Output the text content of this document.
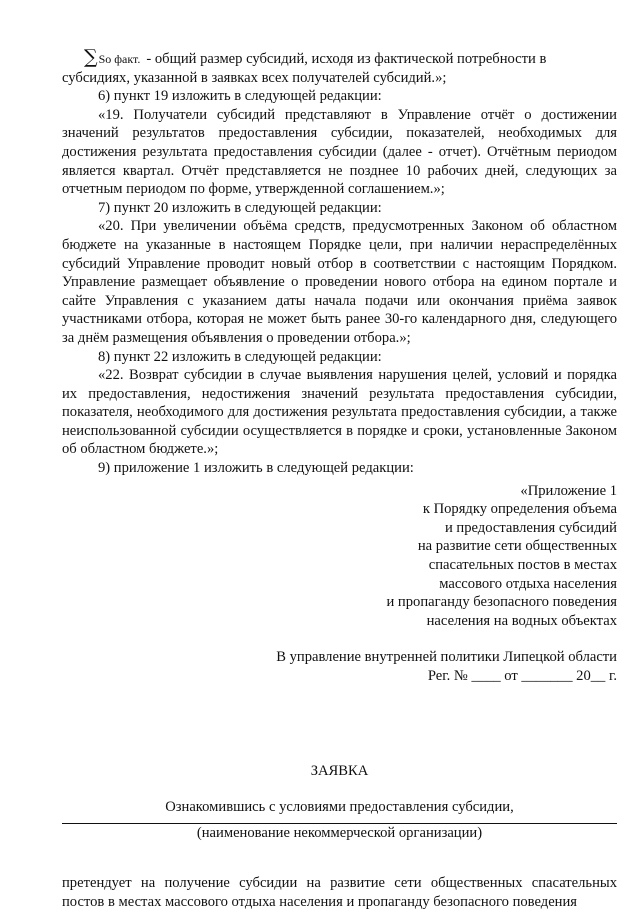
∑ So факт. - общий размер субсидий, исходя из фактической потребности в

субсидиях, указанной в заявках всех получателей субсидий.»;

6) пункт 19 изложить в следующей редакции:

«19. Получатели субсидий представляют в Управление отчёт о достижении значений результатов предоставления субсидии, показателей, необходимых для достижения результата предоставления субсидии (далее - отчет). Отчётным периодом является квартал. Отчёт представляется не позднее 10 рабочих дней, следующих за отчетным периодом по форме, утвержденной соглашением.»;

7) пункт 20 изложить в следующей редакции:

«20. При увеличении объёма средств, предусмотренных Законом об областном бюджете на указанные в настоящем Порядке цели, при наличии нераспределённых субсидий Управление проводит новый отбор в соответствии с настоящим Порядком. Управление размещает объявление о проведении нового отбора на едином портале и сайте Управления с указанием даты начала подачи или окончания приёма заявок участниками отбора, которая не может быть ранее 30-го календарного дня, следующего за днём размещения объявления о проведении отбора.»;

8) пункт 22 изложить в следующей редакции:

«22. Возврат субсидии в случае выявления нарушения целей, условий и порядка их предоставления, недостижения значений результата предоставления субсидии, показателя, необходимого для достижения результата предоставления субсидии, а также неиспользованной субсидии осуществляется в порядке и сроки, установленные Законом об областном бюджете.»;

9) приложение 1 изложить в следующей редакции:

«Приложение 1
к Порядку определения объема
и предоставления субсидий
на развитие сети общественных
спасательных постов в местах
массового отдыха населения
и пропаганду безопасного поведения
населения на водных объектах
В управление внутренней политики Липецкой области
Рег. № ____ от _______ 20__ г.
ЗАЯВКА
Ознакомившись с условиями предоставления субсидии,
(наименование некоммерческой организации)

претендует на получение субсидии на развитие сети общественных спасательных постов в местах массового отдыха населения и пропаганду безопасного поведения
